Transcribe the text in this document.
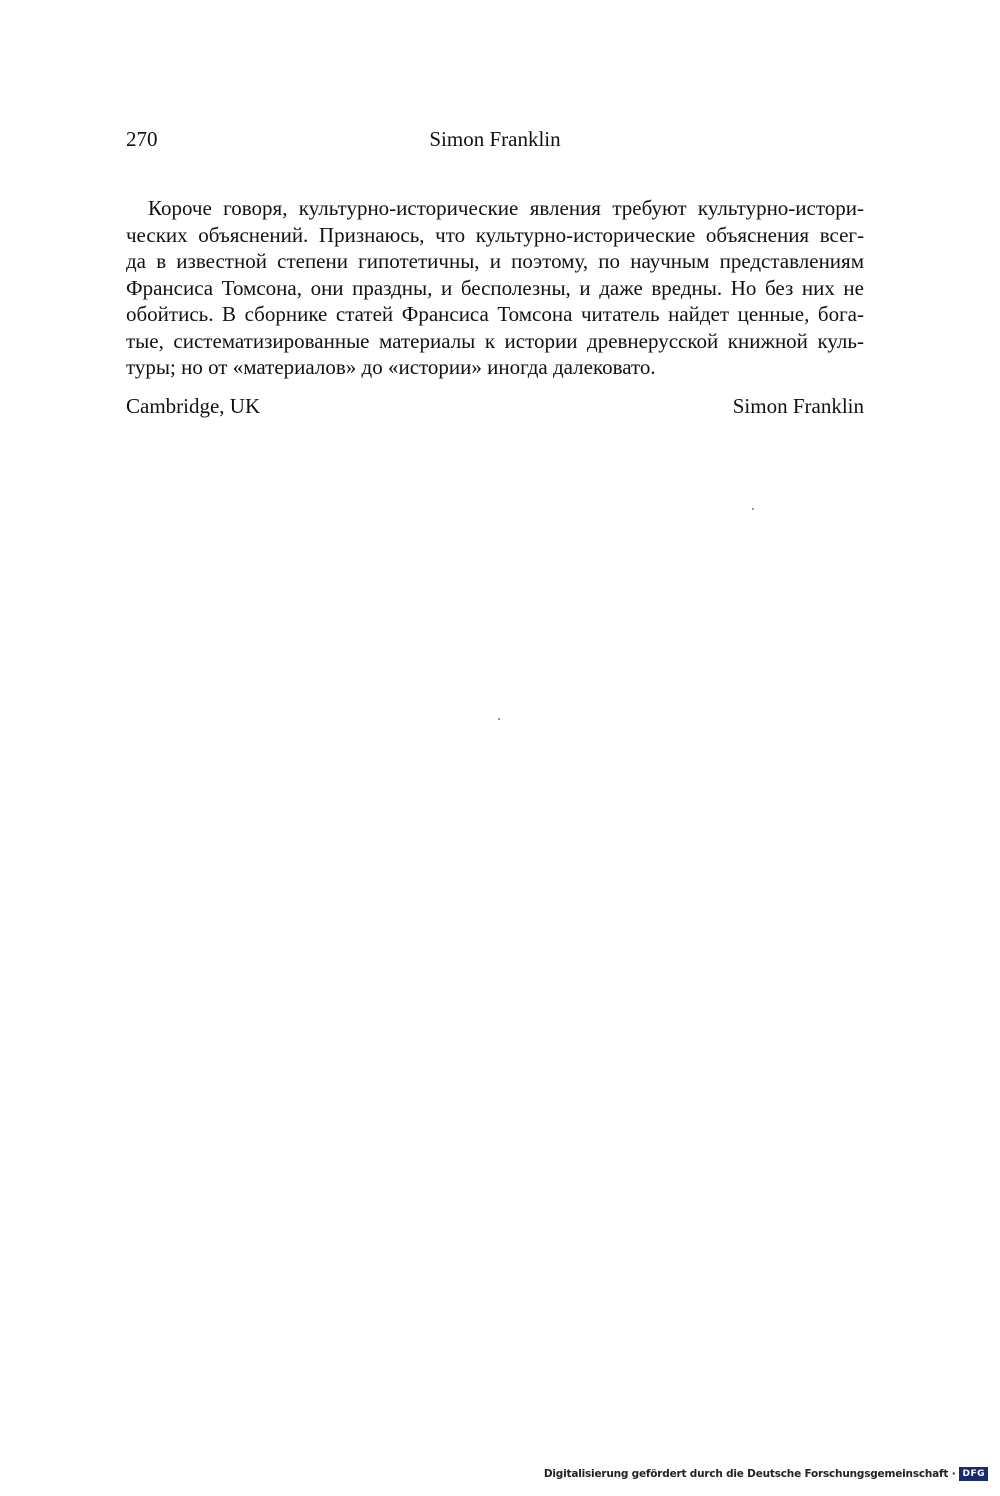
270	Simon Franklin
Короче говоря, культурно-исторические явления требуют культурно-истори-
ческих объяснений. Признаюсь, что культурно-исторические объяснения всег-
да в известной степени гипотетичны, и поэтому, по научным представлениям
Франсиса Томсона, они праздны, и бесполезны, и даже вредны. Но без них не
обойтись. В сборнике статей Франсиса Томсона читатель найдет ценные, бога-
тые, систематизированные материалы к истории древнерусской книжной куль-
туры; но от «материалов» до «истории» иногда далековато.
Cambridge, UK	Simon Franklin
Digitalisierung gefördert durch die Deutsche Forschungsgemeinschaft · DFG
